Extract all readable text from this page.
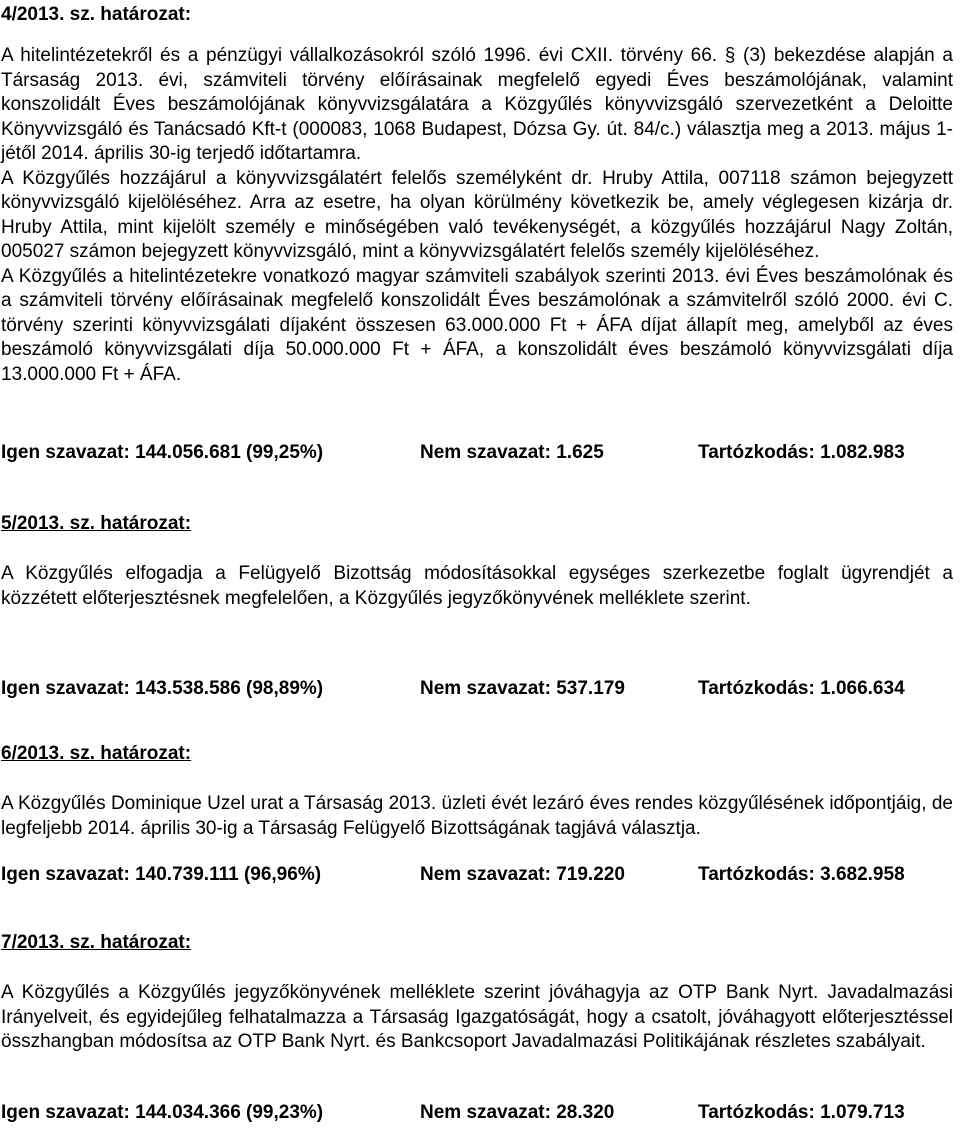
4/2013. sz. határozat:

A hitelintézetekről és a pénzügyi vállalkozásokról szóló 1996. évi CXII. törvény 66. § (3) bekezdése alapján a Társaság 2013. évi, számviteli törvény előírásainak megfelelő egyedi Éves beszámolójának, valamint konszolidált Éves beszámolójának könyvvizsgálatára a Közgyűlés könyvvizsgáló szervezetként a Deloitte Könyvvizsgáló és Tanácsadó Kft-t (000083, 1068 Budapest, Dózsa Gy. út. 84/c.) választja meg a 2013. május 1-jétől 2014. április 30-ig terjedő időtartamra.

A Közgyűlés hozzájárul a könyvvizsgálatért felelős személyként dr. Hruby Attila, 007118 számon bejegyzett könyvvizsgáló kijelöléséhez. Arra az esetre, ha olyan körülmény következik be, amely véglegesen kizárja dr. Hruby Attila, mint kijelölt személy e minőségében való tevékenységét, a közgyűlés hozzájárul Nagy Zoltán, 005027 számon bejegyzett könyvvizsgáló, mint a könyvvizsgálatért felelős személy kijelöléséhez.

A Közgyűlés a hitelintézetekre vonatkozó magyar számviteli szabályok szerinti 2013. évi Éves beszámolónak és a számviteli törvény előírásainak megfelelő konszolidált Éves beszámolónak a számvitelről szóló 2000. évi C. törvény szerinti könyvvizsgálati díjaként összesen 63.000.000 Ft + ÁFA díjat állapít meg, amelyből az éves beszámoló könyvvizsgálati díja 50.000.000 Ft + ÁFA, a konszolidált éves beszámoló könyvvizsgálati díja 13.000.000 Ft + ÁFA.

Igen szavazat: 144.056.681 (99,25%)	Nem szavazat: 1.625	Tartózkodás: 1.082.983
5/2013. sz. határozat:

A Közgyűlés elfogadja a Felügyelő Bizottság módosításokkal egységes szerkezetbe foglalt ügyrendjét a közzétett előterjesztésnek megfelelően, a Közgyűlés jegyzőkönyvének melléklete szerint.

Igen szavazat: 143.538.586 (98,89%)	Nem szavazat: 537.179	Tartózkodás: 1.066.634
6/2013. sz. határozat:

A Közgyűlés Dominique Uzel urat a Társaság 2013. üzleti évét lezáró éves rendes közgyűlésének időpontjáig, de legfeljebb 2014. április 30-ig a Társaság Felügyelő Bizottságának tagjává választja.

Igen szavazat: 140.739.111 (96,96%)	Nem szavazat: 719.220	Tartózkodás: 3.682.958
7/2013. sz. határozat:

A Közgyűlés a Közgyűlés jegyzőkönyvének melléklete szerint jóváhagyja az OTP Bank Nyrt. Javadalmazási Irányelveit, és egyidejűleg felhatalmazza a Társaság Igazgatóságát, hogy a csatolt, jóváhagyott előterjesztéssel összhangban módosítsa az OTP Bank Nyrt. és Bankcsoport Javadalmazási Politikájának részletes szabályait.

Igen szavazat: 144.034.366 (99,23%)	Nem szavazat: 28.320	Tartózkodás: 1.079.713
